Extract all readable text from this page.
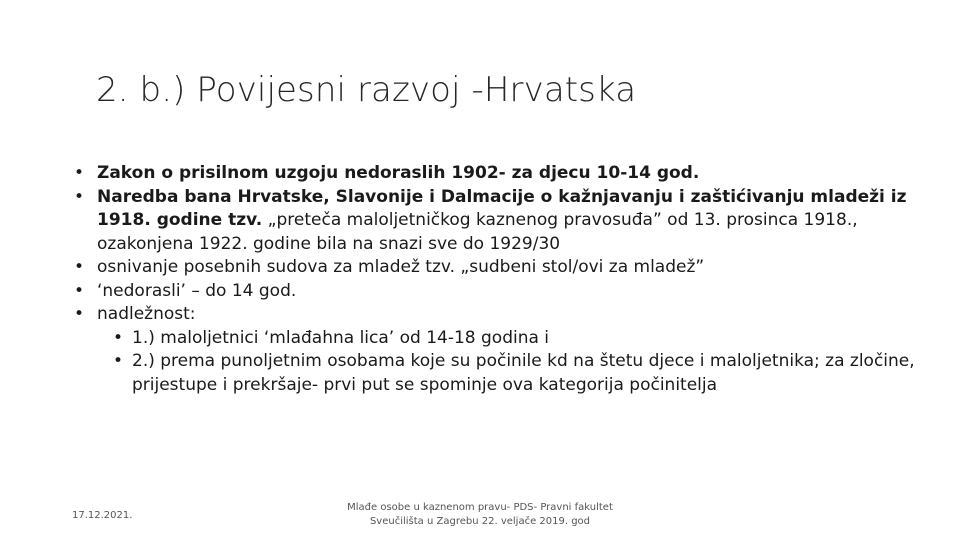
2. b.) Povijesni razvoj -Hrvatska
• Zakon o prisilnom uzgoju nedoraslih 1902- za djecu 10-14 god.
• Naredba bana Hrvatske, Slavonije i Dalmacije o kažnjavanju i zaštićivanju mladeži iz 1918. godine tzv. „preteča maloljetničkog kaznenog pravosuđa” od 13. prosinca 1918., ozakonjena 1922. godine bila na snazi sve do 1929/30
• osnivanje posebnih sudova za mladež tzv. „sudbeni stol/ovi za mladež”
• ‘nedorasli’ – do 14 god.
• nadležnost:
• 1.) maloljetnici ‘mlađahna lica’ od 14-18 godina i
• 2.) prema punoljetnim osobama koje su počinile kd na štetu djece i maloljetnika; za zločine, prijestupe i prekršaje- prvi put se spominje ova kategorija počinitelja
17.12.2021.
Mlađe osobe u kaznenom pravu- PDS- Pravni fakultet
Sveučilišta u Zagrebu 22. veljače 2019. god
